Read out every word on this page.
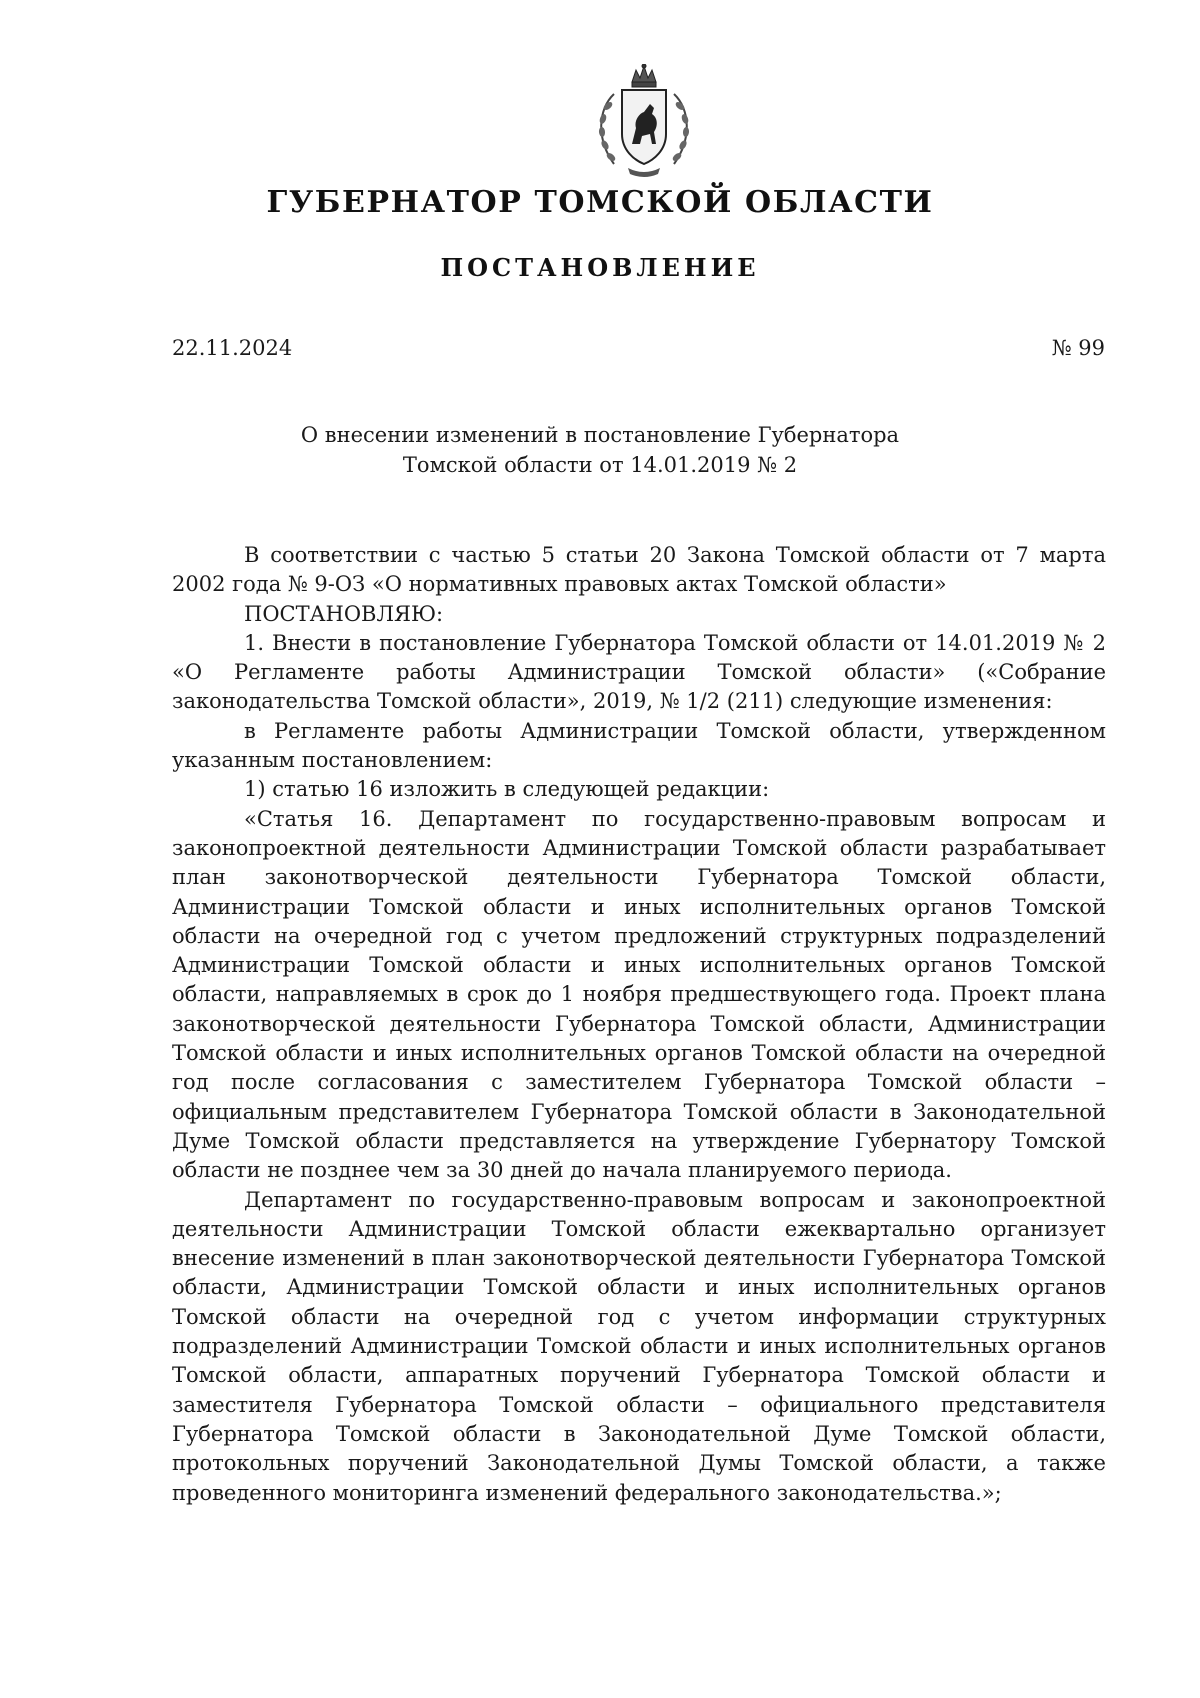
ГУБЕРНАТОР ТОМСКОЙ ОБЛАСТИ
ПОСТАНОВЛЕНИЕ
22.11.2024	№ 99
О внесении изменений в постановление Губернатора
Томской области от 14.01.2019 № 2

В соответствии с частью 5 статьи 20 Закона Томской области от 7 марта 2002 года № 9-ОЗ «О нормативных правовых актах Томской области»

ПОСТАНОВЛЯЮ:

1. Внести в постановление Губернатора Томской области от 14.01.2019 № 2 «О Регламенте работы Администрации Томской области» («Собрание законодательства Томской области», 2019, № 1/2 (211) следующие изменения:

в Регламенте работы Администрации Томской области, утвержденном указанным постановлением:

1) статью 16 изложить в следующей редакции:

«Статья 16. Департамент по государственно-правовым вопросам и законопроектной деятельности Администрации Томской области разрабатывает план законотворческой деятельности Губернатора Томской области, Администрации Томской области и иных исполнительных органов Томской области на очередной год с учетом предложений структурных подразделений Администрации Томской области и иных исполнительных органов Томской области, направляемых в срок до 1 ноября предшествующего года. Проект плана законотворческой деятельности Губернатора Томской области, Администрации Томской области и иных исполнительных органов Томской области на очередной год после согласования с заместителем Губернатора Томской области – официальным представителем Губернатора Томской области в Законодательной Думе Томской области представляется на утверждение Губернатору Томской области не позднее чем за 30 дней до начала планируемого периода.

Департамент по государственно-правовым вопросам и законопроектной деятельности Администрации Томской области ежеквартально организует внесение изменений в план законотворческой деятельности Губернатора Томской области, Администрации Томской области и иных исполнительных органов Томской области на очередной год с учетом информации структурных подразделений Администрации Томской области и иных исполнительных органов Томской области, аппаратных поручений Губернатора Томской области и заместителя Губернатора Томской области – официального представителя Губернатора Томской области в Законодательной Думе Томской области, протокольных поручений Законодательной Думы Томской области, а также проведенного мониторинга изменений федерального законодательства.»;
